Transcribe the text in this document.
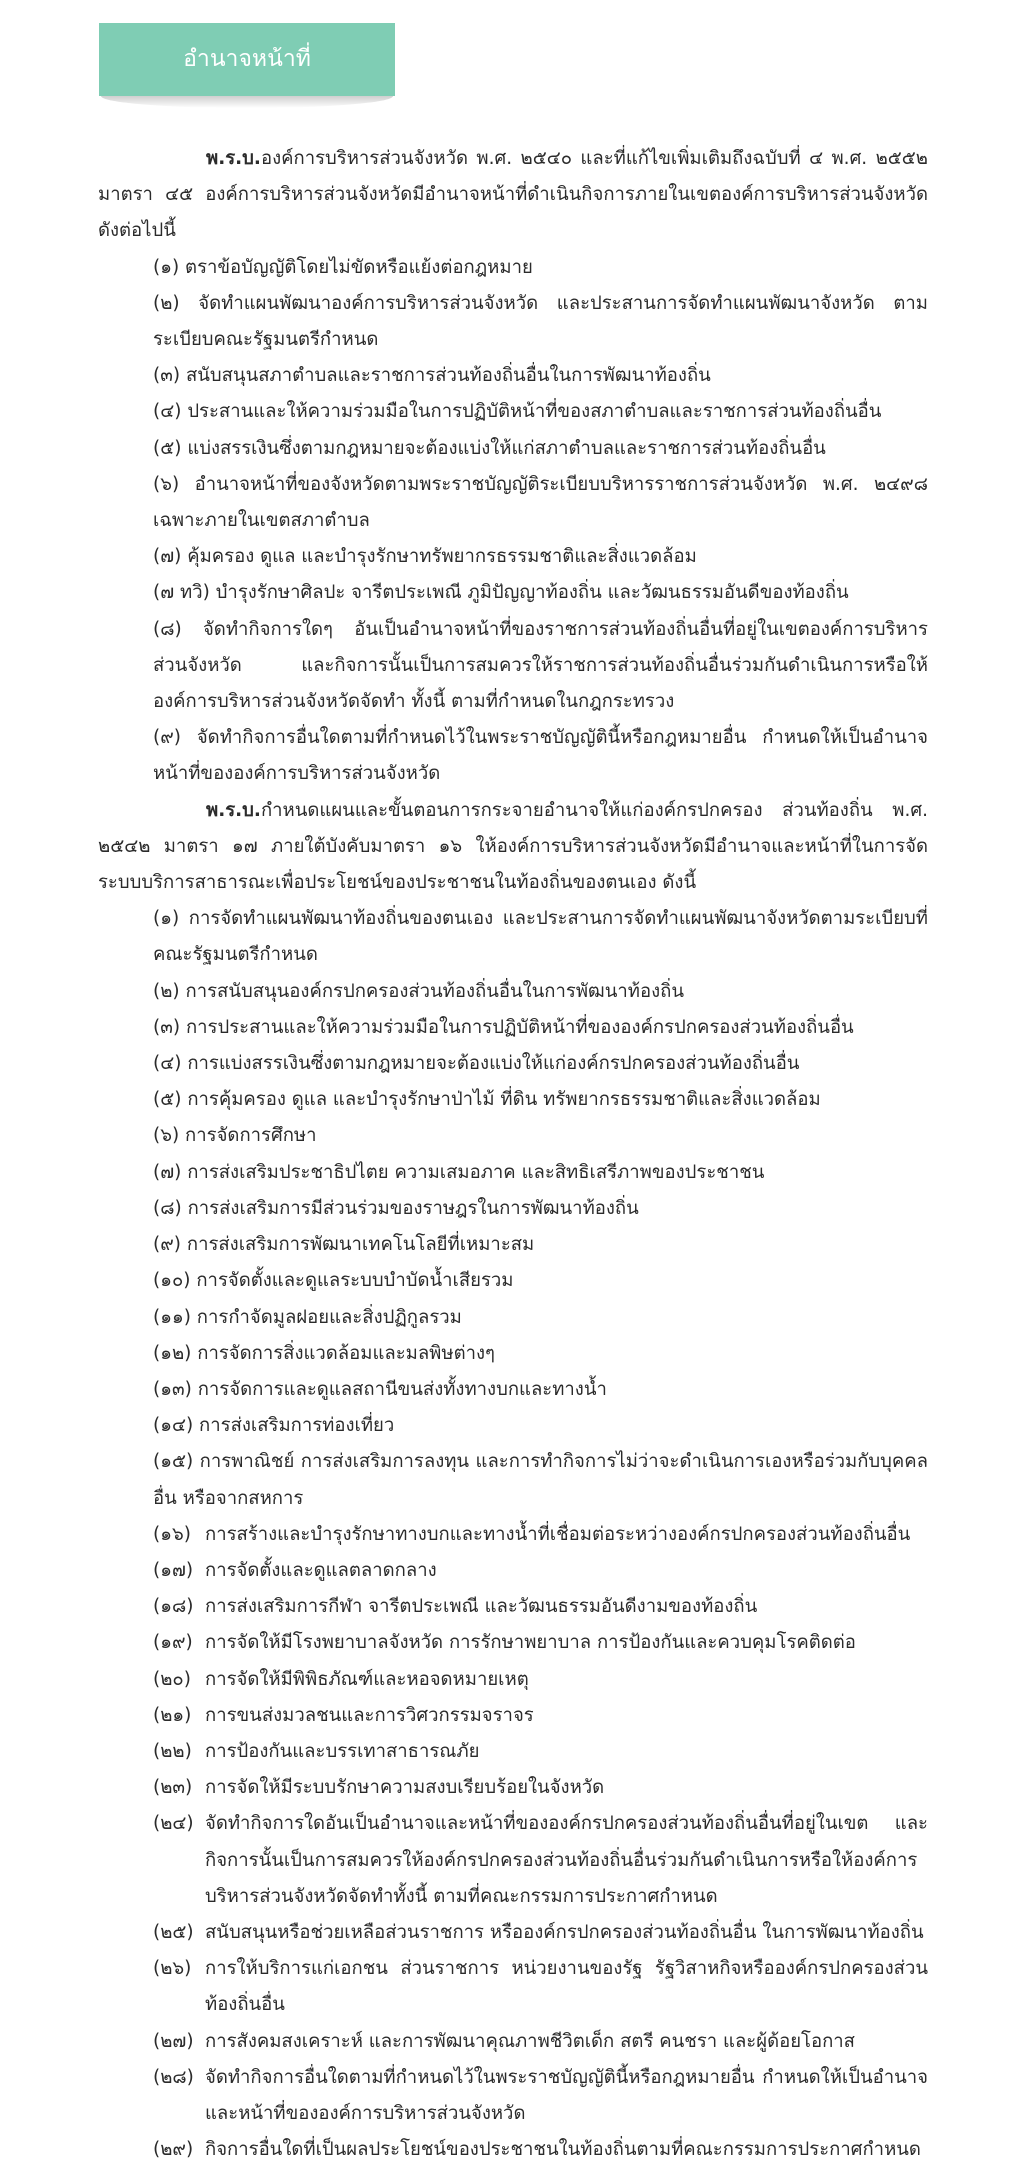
อำนาจหน้าที่

พ.ร.บ.องค์การบริหารส่วนจังหวัด พ.ศ. ๒๕๔๐ และที่แก้ไขเพิ่มเติมถึงฉบับที่ ๔ พ.ศ. ๒๕๕๒ มาตรา ๔๕ องค์การบริหารส่วนจังหวัดมีอำนาจหน้าที่ดำเนินกิจการภายในเขตองค์การบริหารส่วนจังหวัด ดังต่อไปนี้

(๑) ตราข้อบัญญัติโดยไม่ขัดหรือแย้งต่อกฎหมาย
(๒) จัดทำแผนพัฒนาองค์การบริหารส่วนจังหวัด และประสานการจัดทำแผนพัฒนาจังหวัด ตามระเบียบคณะรัฐมนตรีกำหนด
(๓) สนับสนุนสภาตำบลและราชการส่วนท้องถิ่นอื่นในการพัฒนาท้องถิ่น
(๔) ประสานและให้ความร่วมมือในการปฏิบัติหน้าที่ของสภาตำบลและราชการส่วนท้องถิ่นอื่น
(๕) แบ่งสรรเงินซึ่งตามกฎหมายจะต้องแบ่งให้แก่สภาตำบลและราชการส่วนท้องถิ่นอื่น
(๖) อำนาจหน้าที่ของจังหวัดตามพระราชบัญญัติระเบียบบริหารราชการส่วนจังหวัด พ.ศ. ๒๔๙๘ เฉพาะภายในเขตสภาตำบล
(๗) คุ้มครอง ดูแล และบำรุงรักษาทรัพยากรธรรมชาติและสิ่งแวดล้อม
(๗ ทวิ) บำรุงรักษาศิลปะ จารีตประเพณี ภูมิปัญญาท้องถิ่น และวัฒนธรรมอันดีของท้องถิ่น
(๘) จัดทำกิจการใดๆ อันเป็นอำนาจหน้าที่ของราชการส่วนท้องถิ่นอื่นที่อยู่ในเขตองค์การบริหารส่วนจังหวัด และกิจการนั้นเป็นการสมควรให้ราชการส่วนท้องถิ่นอื่นร่วมกันดำเนินการหรือให้องค์การบริหารส่วนจังหวัดจัดทำ ทั้งนี้ ตามที่กำหนดในกฎกระทรวง
(๙) จัดทำกิจการอื่นใดตามที่กำหนดไว้ในพระราชบัญญัตินี้หรือกฎหมายอื่น กำหนดให้เป็นอำนาจหน้าที่ขององค์การบริหารส่วนจังหวัด

พ.ร.บ.กำหนดแผนและขั้นตอนการกระจายอำนาจให้แก่องค์กรปกครอง ส่วนท้องถิ่น พ.ศ. ๒๕๔๒ มาตรา ๑๗ ภายใต้บังคับมาตรา ๑๖ ให้องค์การบริหารส่วนจังหวัดมีอำนาจและหน้าที่ในการจัดระบบบริการสาธารณะเพื่อประโยชน์ของประชาชนในท้องถิ่นของตนเอง ดังนี้

(๑) การจัดทำแผนพัฒนาท้องถิ่นของตนเอง และประสานการจัดทำแผนพัฒนาจังหวัดตามระเบียบที่คณะรัฐมนตรีกำหนด
(๒) การสนับสนุนองค์กรปกครองส่วนท้องถิ่นอื่นในการพัฒนาท้องถิ่น
(๓) การประสานและให้ความร่วมมือในการปฏิบัติหน้าที่ขององค์กรปกครองส่วนท้องถิ่นอื่น
(๔) การแบ่งสรรเงินซึ่งตามกฎหมายจะต้องแบ่งให้แก่องค์กรปกครองส่วนท้องถิ่นอื่น
(๕) การคุ้มครอง ดูแล และบำรุงรักษาป่าไม้ ที่ดิน ทรัพยากรธรรมชาติและสิ่งแวดล้อม
(๖) การจัดการศึกษา
(๗) การส่งเสริมประชาธิปไตย ความเสมอภาค และสิทธิเสรีภาพของประชาชน
(๘) การส่งเสริมการมีส่วนร่วมของราษฎรในการพัฒนาท้องถิ่น
(๙) การส่งเสริมการพัฒนาเทคโนโลยีที่เหมาะสม
(๑๐) การจัดตั้งและดูแลระบบบำบัดน้ำเสียรวม
(๑๑) การกำจัดมูลฝอยและสิ่งปฏิกูลรวม
(๑๒) การจัดการสิ่งแวดล้อมและมลพิษต่างๆ
(๑๓) การจัดการและดูแลสถานีขนส่งทั้งทางบกและทางน้ำ
(๑๔) การส่งเสริมการท่องเที่ยว
(๑๕) การพาณิชย์ การส่งเสริมการลงทุน และการทำกิจการไม่ว่าจะดำเนินการเองหรือร่วมกับบุคคลอื่น หรือจากสหการ
(๑๖) การสร้างและบำรุงรักษาทางบกและทางน้ำที่เชื่อมต่อระหว่างองค์กรปกครองส่วนท้องถิ่นอื่น
(๑๗) การจัดตั้งและดูแลตลาดกลาง
(๑๘) การส่งเสริมการกีฬา จารีตประเพณี และวัฒนธรรมอันดีงามของท้องถิ่น
(๑๙) การจัดให้มีโรงพยาบาลจังหวัด การรักษาพยาบาล การป้องกันและควบคุมโรคติดต่อ
(๒๐) การจัดให้มีพิพิธภัณฑ์และหอจดหมายเหตุ
(๒๑) การขนส่งมวลชนและการวิศวกรรมจราจร
(๒๒) การป้องกันและบรรเทาสาธารณภัย
(๒๓) การจัดให้มีระบบรักษาความสงบเรียบร้อยในจังหวัด
(๒๔) จัดทำกิจการใดอันเป็นอำนาจและหน้าที่ขององค์กรปกครองส่วนท้องถิ่นอื่นที่อยู่ในเขต และกิจการนั้นเป็นการสมควรให้องค์กรปกครองส่วนท้องถิ่นอื่นร่วมกันดำเนินการหรือให้องค์การบริหารส่วนจังหวัดจัดทำทั้งนี้ ตามที่คณะกรรมการประกาศกำหนด
(๒๕) สนับสนุนหรือช่วยเหลือส่วนราชการ หรือองค์กรปกครองส่วนท้องถิ่นอื่น ในการพัฒนาท้องถิ่น
(๒๖) การให้บริการแก่เอกชน ส่วนราชการ หน่วยงานของรัฐ รัฐวิสาหกิจหรือองค์กรปกครองส่วนท้องถิ่นอื่น
(๒๗) การสังคมสงเคราะห์ และการพัฒนาคุณภาพชีวิตเด็ก สตรี คนชรา และผู้ด้อยโอกาส
(๒๘) จัดทำกิจการอื่นใดตามที่กำหนดไว้ในพระราชบัญญัตินี้หรือกฎหมายอื่น กำหนดให้เป็นอำนาจและหน้าที่ขององค์การบริหารส่วนจังหวัด
(๒๙) กิจการอื่นใดที่เป็นผลประโยชน์ของประชาชนในท้องถิ่นตามที่คณะกรรมการประกาศกำหนด
